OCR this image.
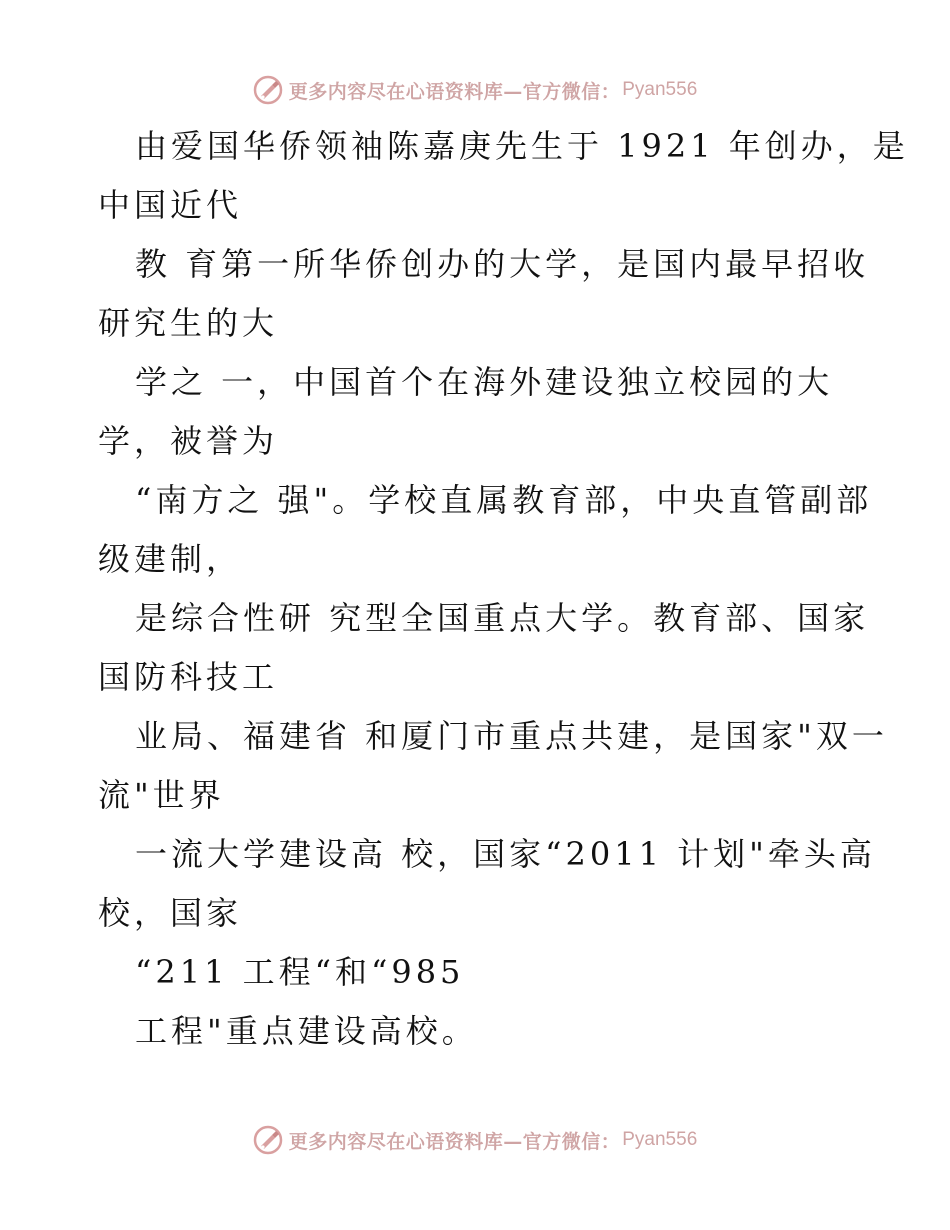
更多内容尽在心语资料库—官方微信： Pyan556
由爱国华侨领袖陈嘉庚先生于 1921 年创办，是
中国近代
教 育第一所华侨创办的大学，是国内最早招收
研究生的大
学之 一，中国首个在海外建设独立校园的大
学，被誉为
“南方之 强"。学校直属教育部，中央直管副部
级建制，
是综合性研 究型全国重点大学。教育部、国家
国防科技工
业局、福建省 和厦门市重点共建，是国家"双一
流"世界
一流大学建设高 校，国家“2011 计划"牵头高
校，国家
“211 工程“和“985
工程"重点建设高校。
更多内容尽在心语资料库—官方微信： Pyan556
